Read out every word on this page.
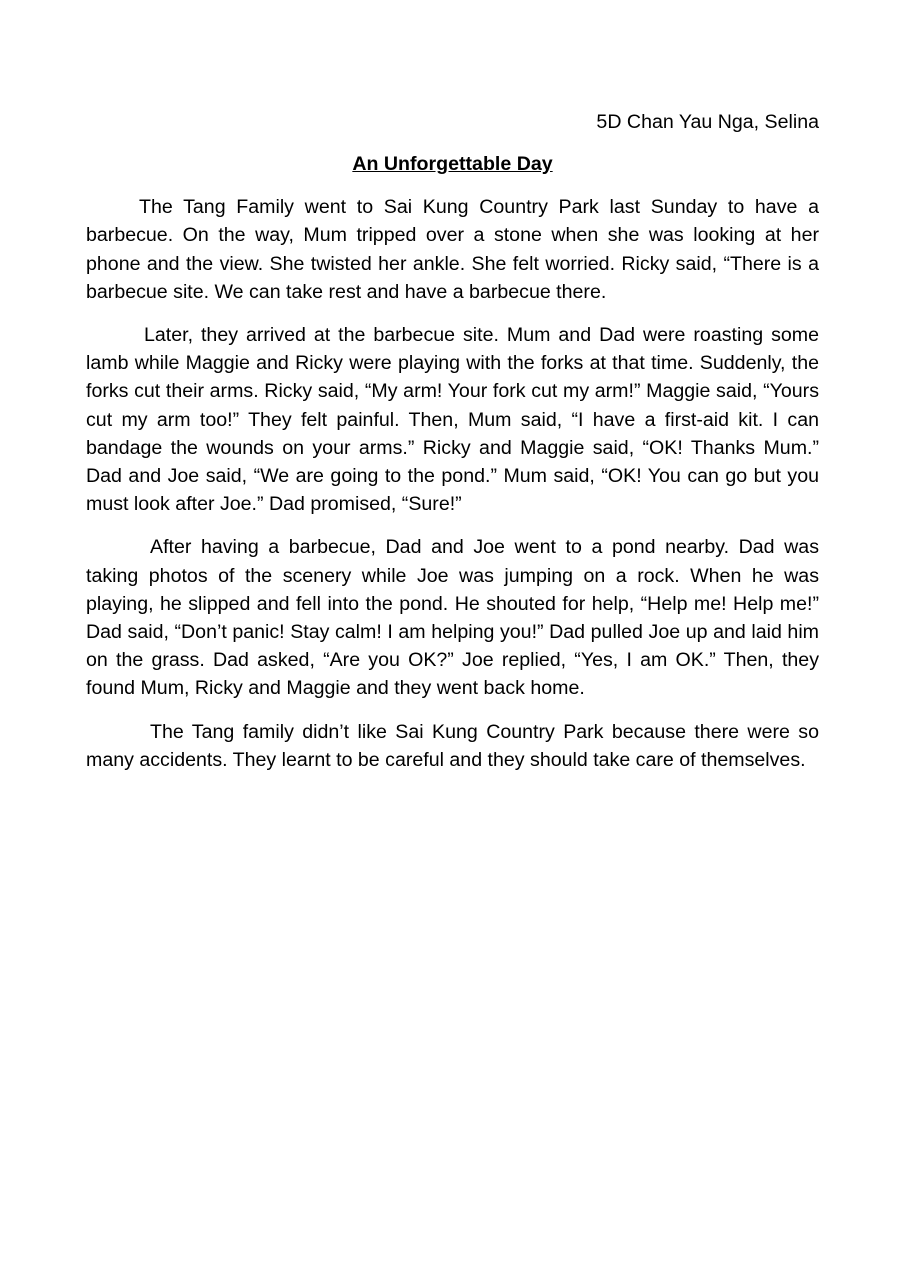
5D Chan Yau Nga, Selina

An Unforgettable Day

The Tang Family went to Sai Kung Country Park last Sunday to have a barbecue. On the way, Mum tripped over a stone when she was looking at her phone and the view. She twisted her ankle. She felt worried. Ricky said, “There is a barbecue site. We can take rest and have a barbecue there.

Later, they arrived at the barbecue site. Mum and Dad were roasting some lamb while Maggie and Ricky were playing with the forks at that time. Suddenly, the forks cut their arms. Ricky said, “My arm! Your fork cut my arm!” Maggie said, “Yours cut my arm too!” They felt painful. Then, Mum said, “I have a first-aid kit. I can bandage the wounds on your arms.” Ricky and Maggie said, “OK! Thanks Mum.” Dad and Joe said, “We are going to the pond.” Mum said, “OK! You can go but you must look after Joe.” Dad promised, “Sure!”

After having a barbecue, Dad and Joe went to a pond nearby. Dad was taking photos of the scenery while Joe was jumping on a rock. When he was playing, he slipped and fell into the pond. He shouted for help, “Help me! Help me!” Dad said, “Don’t panic! Stay calm! I am helping you!” Dad pulled Joe up and laid him on the grass. Dad asked, “Are you OK?” Joe replied, “Yes, I am OK.” Then, they found Mum, Ricky and Maggie and they went back home.

The Tang family didn’t like Sai Kung Country Park because there were so many accidents. They learnt to be careful and they should take care of themselves.
